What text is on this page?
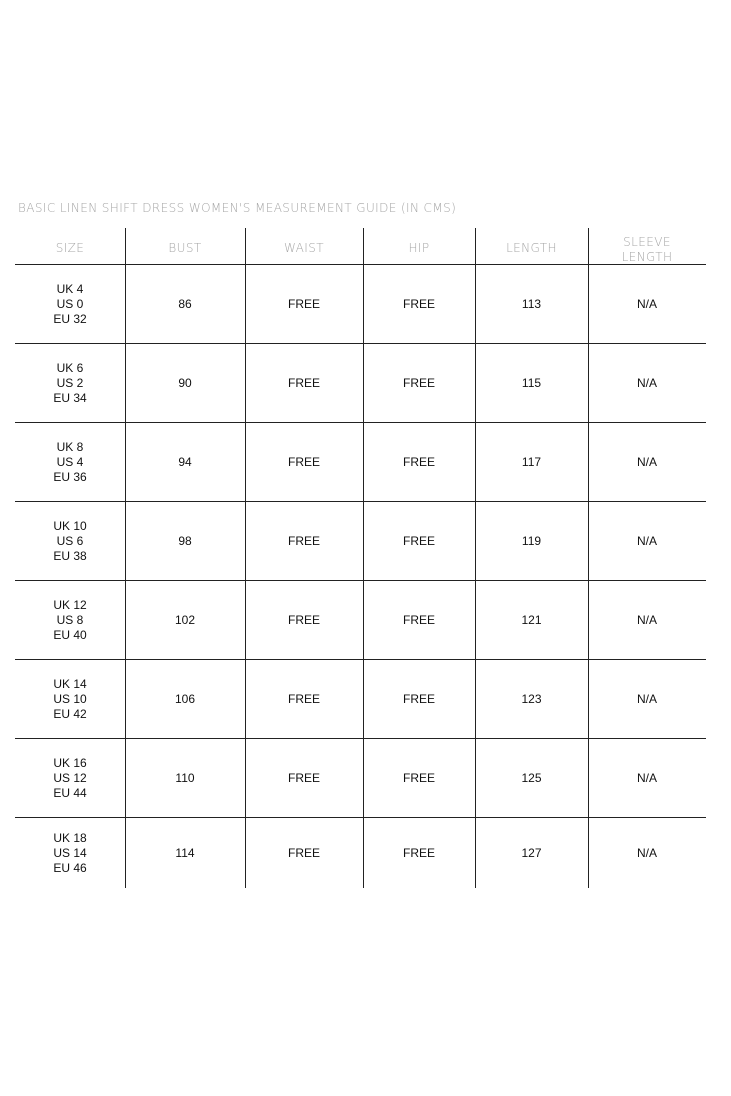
BASIC LINEN SHIFT DRESS WOMEN'S MEASUREMENT GUIDE (IN CMS)
SIZE	BUST	WAIST	HIP	LENGTH	SLEEVE LENGTH
UK 4
US 0
EU 32
86	FREE	FREE	113	N/A
UK 6
US 2
EU 34
90	FREE	FREE	115	N/A
UK 8
US 4
EU 36
94	FREE	FREE	117	N/A
UK 10
US 6
EU 38
98	FREE	FREE	119	N/A
UK 12
US 8
EU 40
102	FREE	FREE	121	N/A
UK 14
US 10
EU 42
106	FREE	FREE	123	N/A
UK 16
US 12
EU 44
110	FREE	FREE	125	N/A
UK 18
US 14
EU 46
114	FREE	FREE	127	N/A
